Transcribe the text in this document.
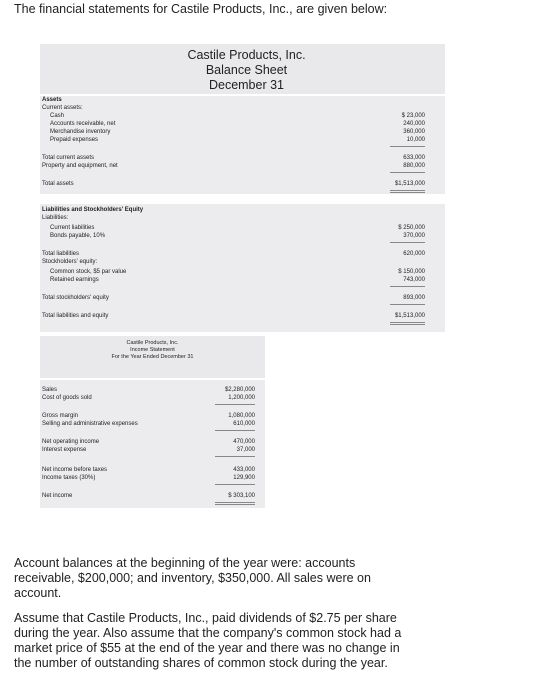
The financial statements for Castile Products, Inc., are given below:
Castile Products, Inc.
Balance Sheet
December 31
Assets
Current assets:
Cash	$ 23,000
Accounts receivable, net	240,000
Merchandise inventory	360,000
Prepaid expenses	10,000
Total current assets	633,000
Property and equipment, net	880,000
Total assets	$1,513,000
Liabilities and Stockholders' Equity
Liabilities:
Current liabilities	$ 250,000
Bonds payable, 10%	370,000
Total liabilities	620,000
Stockholders' equity:
Common stock, $5 par value	$ 150,000
Retained earnings	743,000
Total stockholders' equity	893,000
Total liabilities and equity	$1,513,000
Castile Products, Inc.
Income Statement
For the Year Ended December 31
Sales	$2,280,000
Cost of goods sold	1,200,000
Gross margin	1,080,000
Selling and administrative expenses	610,000
Net operating income	470,000
Interest expense	37,000
Net income before taxes	433,000
Income taxes (30%)	129,900
Net income	$ 303,100
Account balances at the beginning of the year were: accounts receivable, $200,000; and inventory, $350,000. All sales were on account.
Assume that Castile Products, Inc., paid dividends of $2.75 per share during the year. Also assume that the company's common stock had a market price of $55 at the end of the year and there was no change in the number of outstanding shares of common stock during the year.
